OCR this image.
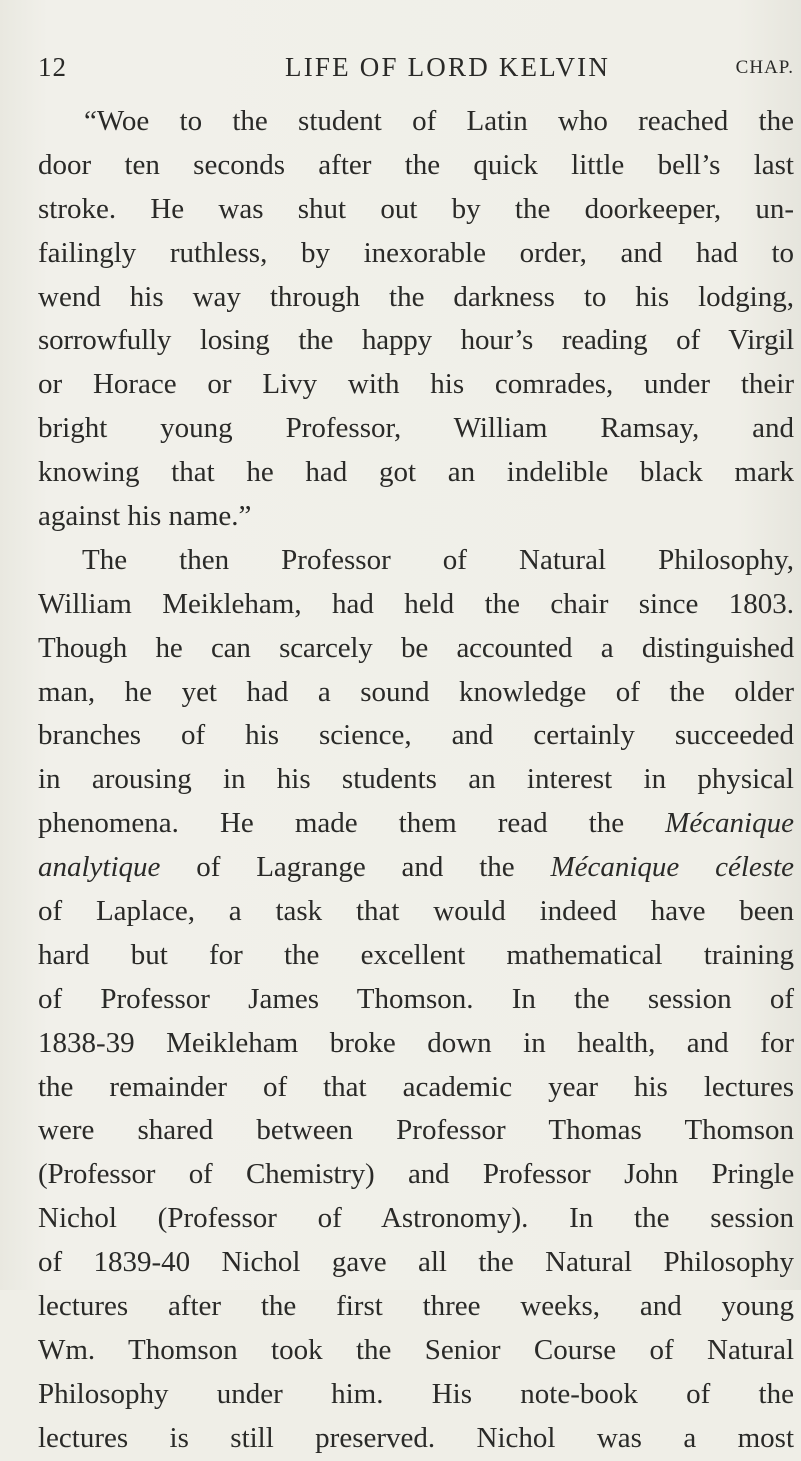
12	LIFE OF LORD KELVIN	CHAP.
“Woe to the student of Latin who reached the
door ten seconds after the quick little bell’s last
stroke. He was shut out by the doorkeeper, un-
failingly ruthless, by inexorable order, and had to
wend his way through the darkness to his lodging,
sorrowfully losing the happy hour’s reading of Virgil
or Horace or Livy with his comrades, under their
bright young Professor, William Ramsay, and
knowing that he had got an indelible black mark
against his name.”
The then Professor of Natural Philosophy,
William Meikleham, had held the chair since 1803.
Though he can scarcely be accounted a distinguished
man, he yet had a sound knowledge of the older
branches of his science, and certainly succeeded
in arousing in his students an interest in physical
phenomena. He made them read the Mécanique
analytique of Lagrange and the Mécanique céleste
of Laplace, a task that would indeed have been
hard but for the excellent mathematical training
of Professor James Thomson. In the session of
1838-39 Meikleham broke down in health, and for
the remainder of that academic year his lectures
were shared between Professor Thomas Thomson
(Professor of Chemistry) and Professor John Pringle
Nichol (Professor of Astronomy). In the session
of 1839-40 Nichol gave all the Natural Philosophy
lectures after the first three weeks, and young
Wm. Thomson took the Senior Course of Natural
Philosophy under him. His note-book of the
lectures is still preserved. Nichol was a most
